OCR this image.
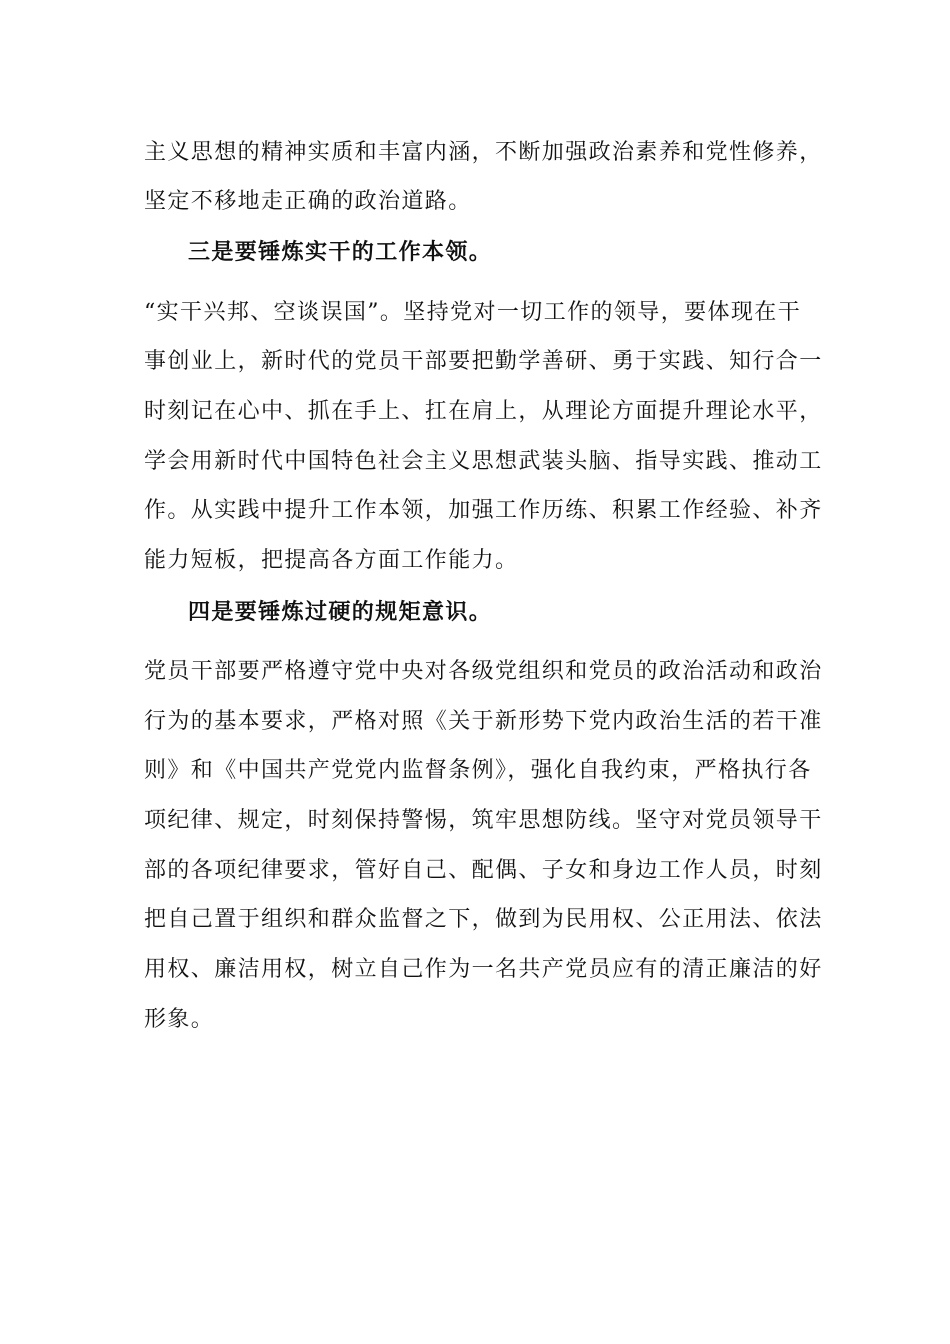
主义思想的精神实质和丰富内涵，不断加强政治素养和党性修养，
坚定不移地走正确的政治道路。
三是要锤炼实干的工作本领。
“实干兴邦、空谈误国”。坚持党对一切工作的领导，要体现在干
事创业上，新时代的党员干部要把勤学善研、勇于实践、知行合一
时刻记在心中、抓在手上、扛在肩上，从理论方面提升理论水平，
学会用新时代中国特色社会主义思想武装头脑、指导实践、推动工
作。从实践中提升工作本领，加强工作历练、积累工作经验、补齐
能力短板，把提高各方面工作能力。
四是要锤炼过硬的规矩意识。
党员干部要严格遵守党中央对各级党组织和党员的政治活动和政治
行为的基本要求，严格对照《关于新形势下党内政治生活的若干准
则》和《中国共产党党内监督条例》，强化自我约束，严格执行各
项纪律、规定，时刻保持警惕，筑牢思想防线。坚守对党员领导干
部的各项纪律要求，管好自己、配偶、子女和身边工作人员，时刻
把自己置于组织和群众监督之下，做到为民用权、公正用法、依法
用权、廉洁用权，树立自己作为一名共产党员应有的清正廉洁的好
形象。
